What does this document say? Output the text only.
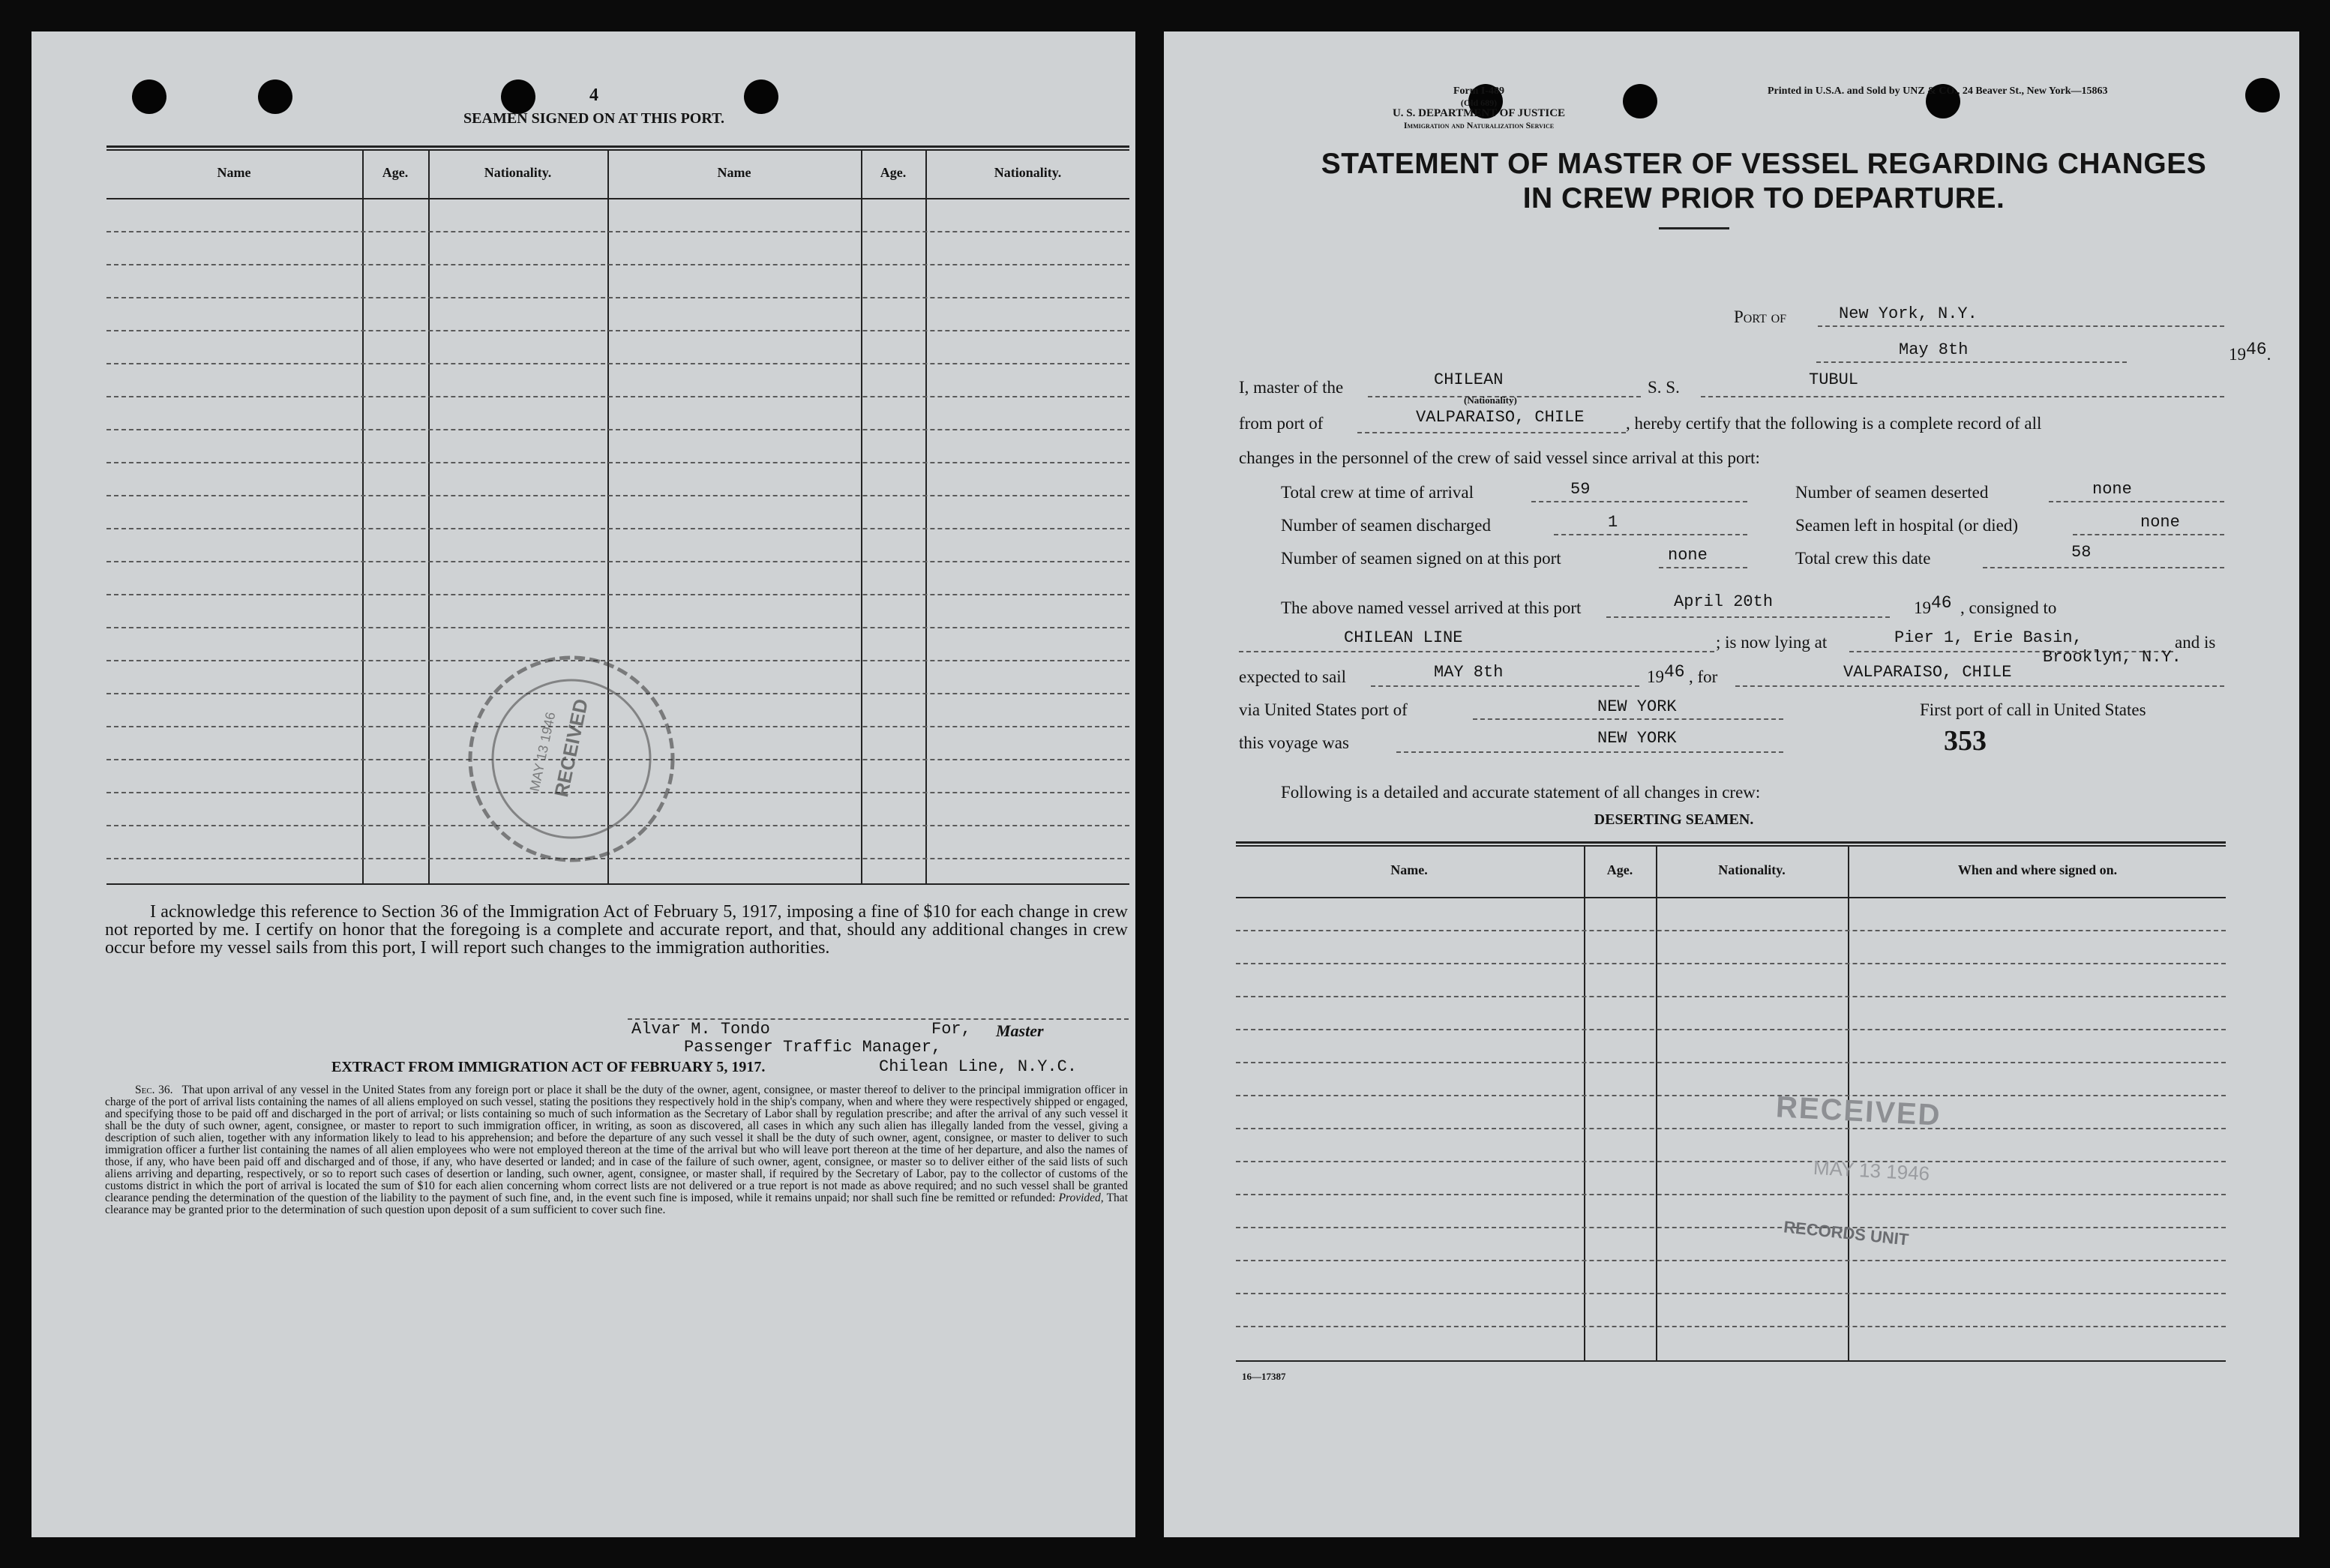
4
SEAMEN SIGNED ON AT THIS PORT.
Name	Age.	Nationality.	Name	Age.	Nationality.
RECEIVED
MAY 13 1946
I acknowledge this reference to Section 36 of the Immigration Act of February 5, 1917, imposing a fine of $10 for each change in crew not reported by me. I certify on honor that the foregoing is a complete and accurate report, and that, should any additional changes in crew occur before my vessel sails from this port, I will report such changes to the immigration authorities.
Alvar M. Tondo	For, Master
Passenger Traffic Manager,
EXTRACT FROM IMMIGRATION ACT OF FEBRUARY 5, 1917.	Chilean Line, N.Y.C.
Sec. 36. That upon arrival of any vessel in the United States from any foreign port or place it shall be the duty of the owner, agent, consignee, or master thereof to deliver to the principal immigration officer in charge of the port of arrival lists containing the names of all aliens employed on such vessel, stating the positions they respectively hold in the ship's company, when and where they were respectively shipped or engaged, and specifying those to be paid off and discharged in the port of arrival; or lists containing so much of such information as the Secretary of Labor shall by regulation prescribe; and after the arrival of any such vessel it shall be the duty of such owner, agent, consignee, or master to report to such immigration officer, in writing, as soon as discovered, all cases in which any such alien has illegally landed from the vessel, giving a description of such alien, together with any information likely to lead to his apprehension; and before the departure of any such vessel it shall be the duty of such owner, agent, consignee, or master to deliver to such immigration officer a further list containing the names of all alien employees who were not employed thereon at the time of the arrival but who will leave port thereon at the time of her departure, and also the names of those, if any, who have been paid off and discharged and of those, if any, who have deserted or landed; and in case of the failure of such owner, agent, consignee, or master so to deliver either of the said lists of such aliens arriving and departing, respectively, or so to report such cases of desertion or landing, such owner, agent, consignee, or master shall, if required by the Secretary of Labor, pay to the collector of customs of the customs district in which the port of arrival is located the sum of $10 for each alien concerning whom correct lists are not delivered or a true report is not made as above required; and no such vessel shall be granted clearance pending the determination of the question of the liability to the payment of such fine, and, in the event such fine is imposed, while it remains unpaid; nor shall such fine be remitted or refunded: Provided, That clearance may be granted prior to the determination of such question upon deposit of a sum sufficient to cover such fine.
Form I-489
(Old 689)
U. S. DEPARTMENT OF JUSTICE
Immigration and Naturalization Service
Printed in U.S.A. and Sold by UNZ & CO., 24 Beaver St., New York—15863
STATEMENT OF MASTER OF VESSEL REGARDING CHANGES
IN CREW PRIOR TO DEPARTURE.
Port of	New York, N.Y.
May 8th	1946.
I, master of the	CHILEAN
(Nationality)
S. S.	TUBUL
from port of	VALPARAISO, CHILE , hereby certify that the following is a complete record of all
changes in the personnel of the crew of said vessel since arrival at this port:
Total crew at time of arrival	59	Number of seamen deserted	none
Number of seamen discharged	1	Seamen left in hospital (or died)	none
Number of seamen signed on at this port	none	Total crew this date	58
The above named vessel arrived at this port	April 20th	1946 , consigned to
CHILEAN LINE	; is now lying at	Pier 1, Erie Basin,	and is
Brooklyn, N.Y.
expected to sail	MAY 8th	1946 , for	VALPARAISO, CHILE
via United States port of	NEW YORK	First port of call in United States
this voyage was	NEW YORK	353
Following is a detailed and accurate statement of all changes in crew:
DESERTING SEAMEN.
Name.	Age.	Nationality.	When and where signed on.
RECEIVED
MAY 13 1946
RECORDS UNIT
16—17387
